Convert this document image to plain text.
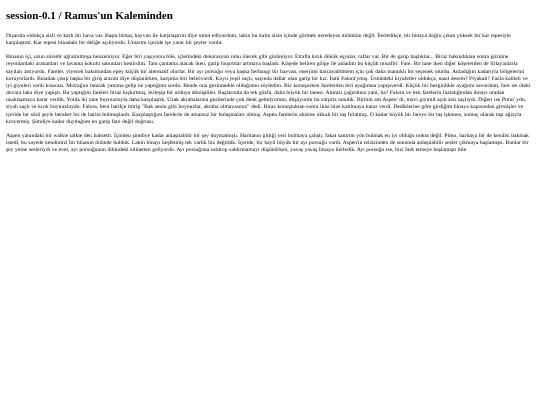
session-0.1 / Ramus'un Kaleminden

Dışarıda oldukça sisli ve karlı bir hava var. Başta birkaç hayvan ile karşılaşırım diye umut ediyordum, lakin bu kalın sisin içinde görmek neredeyse mümkün değil. İlerledikçe, bir binaya doğru çıkan yüksek bir kar tepesiyle karşılaştım. Kar tepesi binadaki bir deliğe açılıyordu. Umarım içeride işe yarar bir şeyler vardır.

Binanın içi, uzun süredir uğramılmışa benzemiyor. Eğer biri yaşıyorsa bile, içlerindeki dekorasyon ruhu ölecek gibi görünüyor. Etrafta kırık dökük eşyalar, raflar var. Bir de garip başlıklar... Biraz bakındıktan sonra gözüme reyonlardaki arananları ve lavanta kokulu sabunları kestirdim. Tam çantama atacak iken, garip huşırtılar artmaya başladı. Köşede beliren gölge ile anladım bu küçük misafiri: Fare. Bir tane iken diğer köşelerden de firlayanlarla sayıları artıyordu. Fareler, yiyecek bakımından epey küçük bir alternatif olurlar. Bir ayı porsuğu veya başka herhangi bir hayvan, enerjimi harcayabilmem için çok daha mantıklı bir seçenek olurdu. Anladığım kadarıyla bölgelerini koruyorlardı. Binadan çıkıp başka bir giriş ararım diye düşünürken, karşıma biri belirivordi. Koyu yeşil saçlı, saçında dallar olan garip bir kız. İsmi Falora'ymış. Üstündeki kıyafetler oldukça, nasıl desem? Fiyakalı? Fazla kaliteli ve iyi giyuleri vardı kısacası. Mızrağını tutarak yanıma gelip ne yaptığımı sordu. Bende ona gezinmekte olduğumu söyledim. Biz konuşurken farelerden biri ayağımaa yapışıverdi. Küçük bir bezginlikle ayağımı savurdum, fare ise öteki duvara laka diye yapıştı. Bu yaptığım fareleri biraz kışkırtmış, birleşip bir orduya dönüştüler. Başlarında da tek gözlü, daha büyük bir tanesi. Abinizi çağırdınız yani, ha? Falora ve ben farelerin fazlalığından dolayı oradan uzaklaşmaya karar verdik. Yolda iki tane boynuzluyla daha karşılaştık. Uzak akrabalarına gezilerinde çok denk gelmiyorum, düşüyordu bu sürpriz tanıdık. Birinin adı Aspen' di, mavi giyimli açık sarı saçlıydı. Diğeri ise Pımo' ydu, siyah saçlı ve kırık boynuzluydu. Falora, beni hatifçe ittirip "Bak senin gibi boynuzlar, akraba olmayasınız" dedi. Biraz konuştuktan sonra ikisi bize katılmaya karar verdi. Dediklerine göre girdiğim binaya kapısından girmişler ve içeride bir sürü şeyle beraber bir de harita bulmuşlardı. Karşılaştığım farelerle de amansız bir bulaşmaları olmuş. Aspen farelerin abisine okkalı bir taş fırlatmış. O kadar büyük bir fareye bir taş işlemez, somuç olarak taşı ağzıyla kırıvermiş. Şimdiye kadar duyduğum en garip fare değil doğrusu.

Aspen yanındaki bir walkie talkie den bahsetti. İçinden şimdiye kadar anlaşılabilir bir şey duymamışlı. Haritanın gittiği yeri bulmaya çalıştı, fakat sanırım yön bulmak en iyi olduğu nokta değil. Pimo, haritaya bir de kendisi bakmak istedi, bu sayede kendimizi bir binanın önünde bulduk. Lakin binayı keşfetmiş tek varlık biz değildik. İçeride, bir hayli büyük bir ayı porsuğu vardı. Aspen'in telsizinden de sonunda anlaşılabilir sesler çıkmaya başlamıştı. Bunlar bir şey yeme sesleriydi ve evet, ayı porsuğunun dibindeki silinetten geliyordu. Ayı porsuğuna saldırıp saldırmamayı düşünürken, yavaş yavaş binaya ilerledik. Ayı porsuğu ise, bizi fark etmeye başlamıştı bile.
